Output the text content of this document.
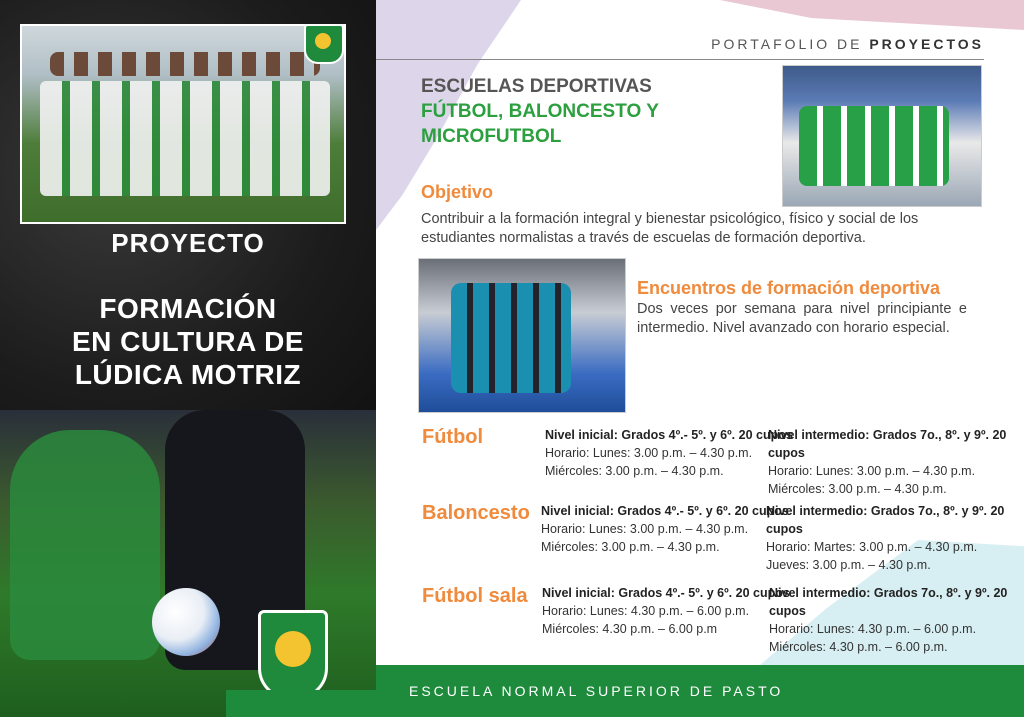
PROYECTO
FORMACIÓN
EN CULTURA DE
LÚDICA MOTRIZ
PORTAFOLIO DE PROYECTOS
ESCUELAS DEPORTIVAS
FÚTBOL, BALONCESTO Y
MICROFUTBOL
Objetivo
Contribuir a la formación integral y bienestar psicológico, físico y social de los estudiantes normalistas a través de escuelas de formación deportiva.
Encuentros de formación deportiva
Dos veces por semana para nivel principiante e intermedio. Nivel avanzado con horario especial.
Fútbol	Nivel inicial: Grados 4º.- 5º. y 6º. 20 cupos
Horario: Lunes: 3.00 p.m. – 4.30 p.m.
Miércoles: 3.00 p.m. – 4.30 p.m.
Nivel intermedio: Grados 7o., 8º. y 9º. 20 cupos
Horario: Lunes: 3.00 p.m. – 4.30 p.m.
Miércoles: 3.00 p.m. – 4.30 p.m.
Baloncesto Nivel inicial: Grados 4º.- 5º. y 6º. 20 cupos
Horario: Lunes: 3.00 p.m. – 4.30 p.m.
Miércoles: 3.00 p.m. – 4.30 p.m.
Nivel intermedio: Grados 7o., 8º. y 9º. 20 cupos
Horario: Martes: 3.00 p.m. – 4.30 p.m.
Jueves: 3.00 p.m. – 4.30 p.m.
Fútbol sala Nivel inicial: Grados 4º.- 5º. y 6º. 20 cupos
Horario: Lunes: 4.30 p.m. – 6.00 p.m.
Miércoles: 4.30 p.m. – 6.00 p.m
Nivel intermedio: Grados 7o., 8º. y 9º. 20 cupos
Horario: Lunes: 4.30 p.m. – 6.00 p.m.
Miércoles: 4.30 p.m. – 6.00 p.m.
ESCUELA NORMAL SUPERIOR DE PASTO
